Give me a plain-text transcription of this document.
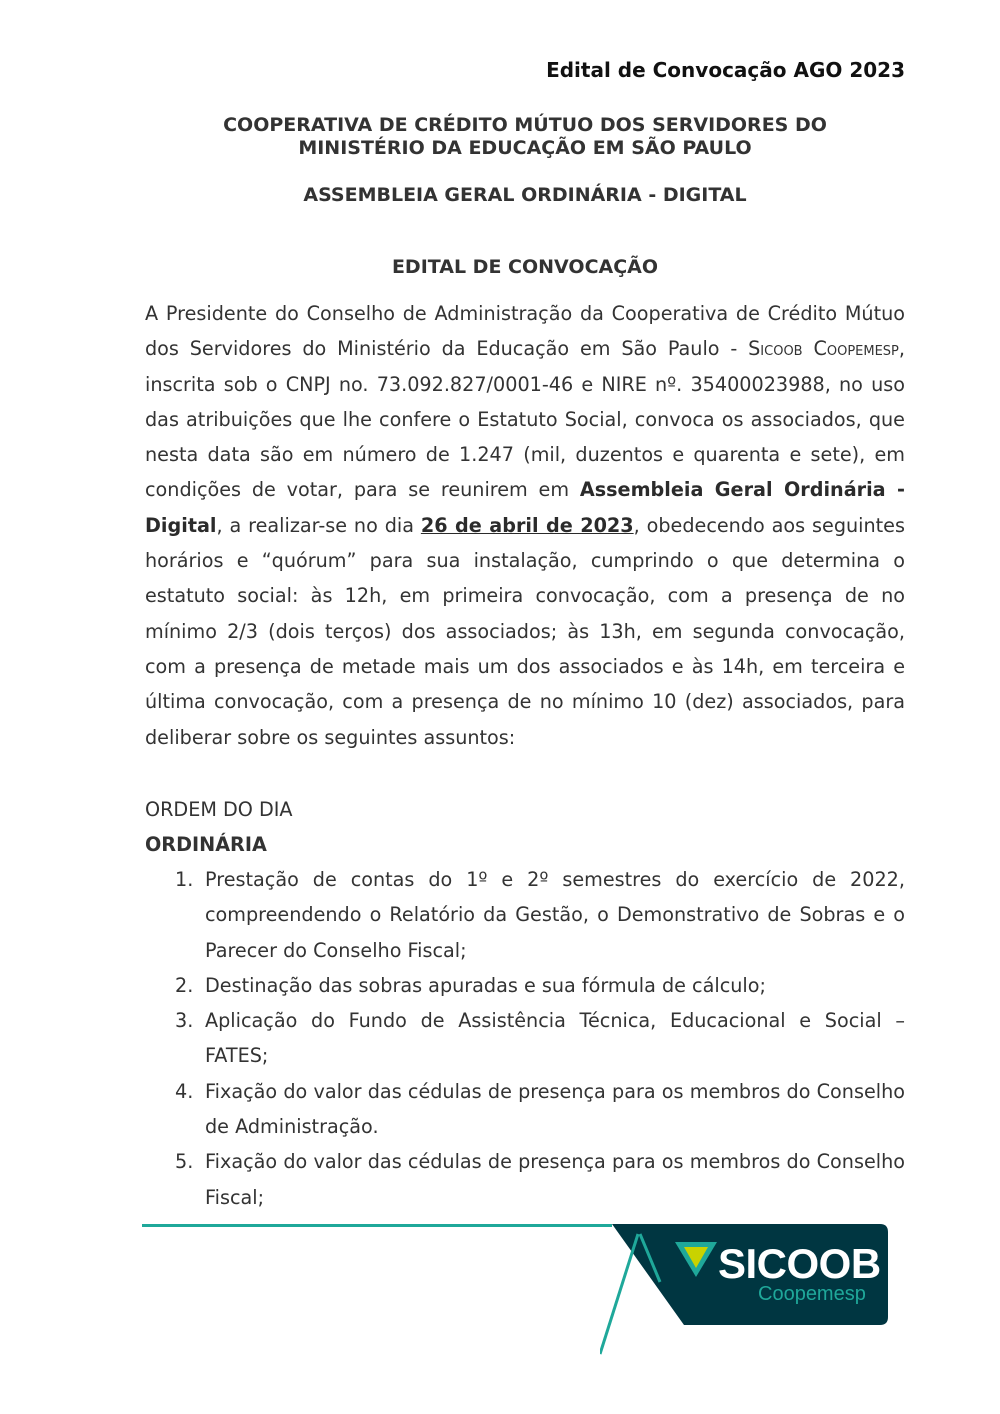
Edital de Convocação AGO 2023
COOPERATIVA DE CRÉDITO MÚTUO DOS SERVIDORES DO
MINISTÉRIO DA EDUCAÇÃO EM SÃO PAULO
ASSEMBLEIA GERAL ORDINÁRIA - DIGITAL
EDITAL DE CONVOCAÇÃO
A Presidente do Conselho de Administração da Cooperativa de Crédito Mútuo dos Servidores do Ministério da Educação em São Paulo - Sicoob Coopemesp, inscrita sob o CNPJ no. 73.092.827/0001-46 e NIRE nº. 35400023988, no uso das atribuições que lhe confere o Estatuto Social, convoca os associados, que nesta data são em número de 1.247 (mil, duzentos e quarenta e sete), em condições de votar, para se reunirem em Assembleia Geral Ordinária - Digital, a realizar-se no dia 26 de abril de 2023, obedecendo aos seguintes horários e “quórum” para sua instalação, cumprindo o que determina o estatuto social: às 12h, em primeira convocação, com a presença de no mínimo 2/3 (dois terços) dos associados; às 13h, em segunda convocação, com a presença de metade mais um dos associados e às 14h, em terceira e última convocação, com a presença de no mínimo 10 (dez) associados, para deliberar sobre os seguintes assuntos:
ORDEM DO DIA
ORDINÁRIA
1. Prestação de contas do 1º e 2º semestres do exercício de 2022, compreendendo o Relatório da Gestão, o Demonstrativo de Sobras e o Parecer do Conselho Fiscal;
2. Destinação das sobras apuradas e sua fórmula de cálculo;
3. Aplicação do Fundo de Assistência Técnica, Educacional e Social – FATES;
4. Fixação do valor das cédulas de presença para os membros do Conselho de Administração.
5. Fixação do valor das cédulas de presença para os membros do Conselho Fiscal;
SICOOB
Coopemesp
